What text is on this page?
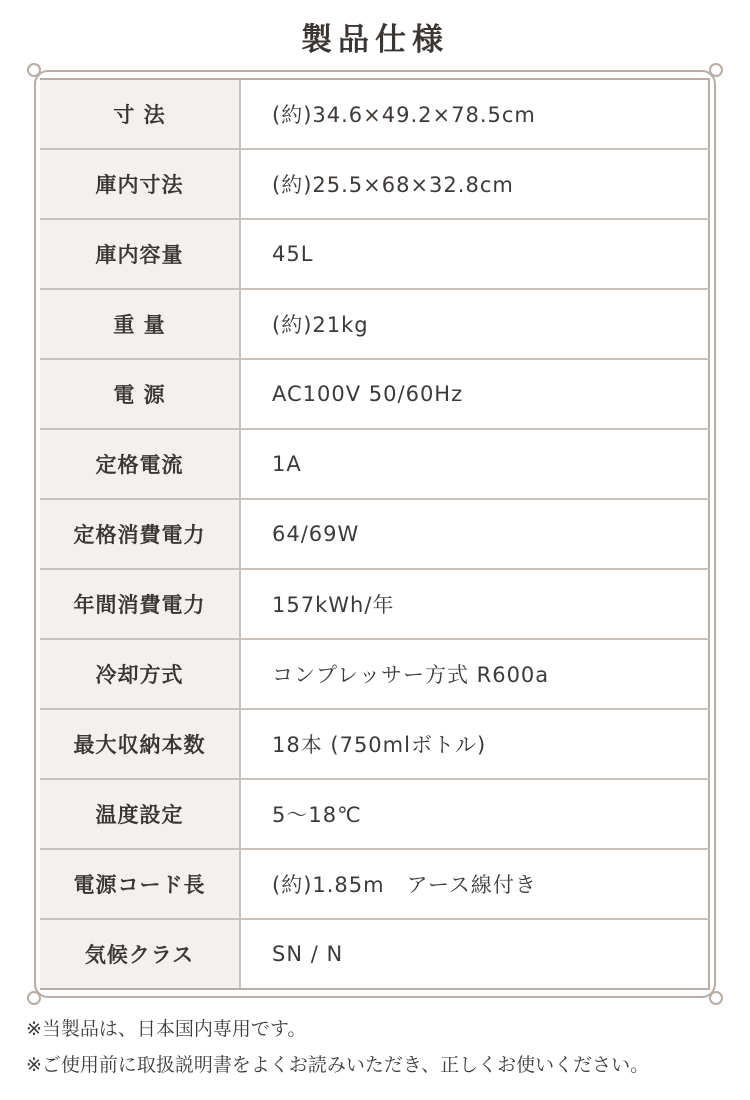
製品仕様
寸 法	(約)34.6×49.2×78.5cm
庫内寸法	(約)25.5×68×32.8cm
庫内容量	45L
重 量	(約)21kg
電 源	AC100V 50/60Hz
定格電流	1A
定格消費電力	64/69W
年間消費電力	157kWh/年
冷却方式	コンプレッサー方式 R600a
最大収納本数	18本 (750mlボトル)
温度設定	5〜18℃
電源コード長	(約)1.85m　アース線付き
気候クラス	SN / N
※当製品は、日本国内専用です。
※ご使用前に取扱説明書をよくお読みいただき、正しくお使いください。
